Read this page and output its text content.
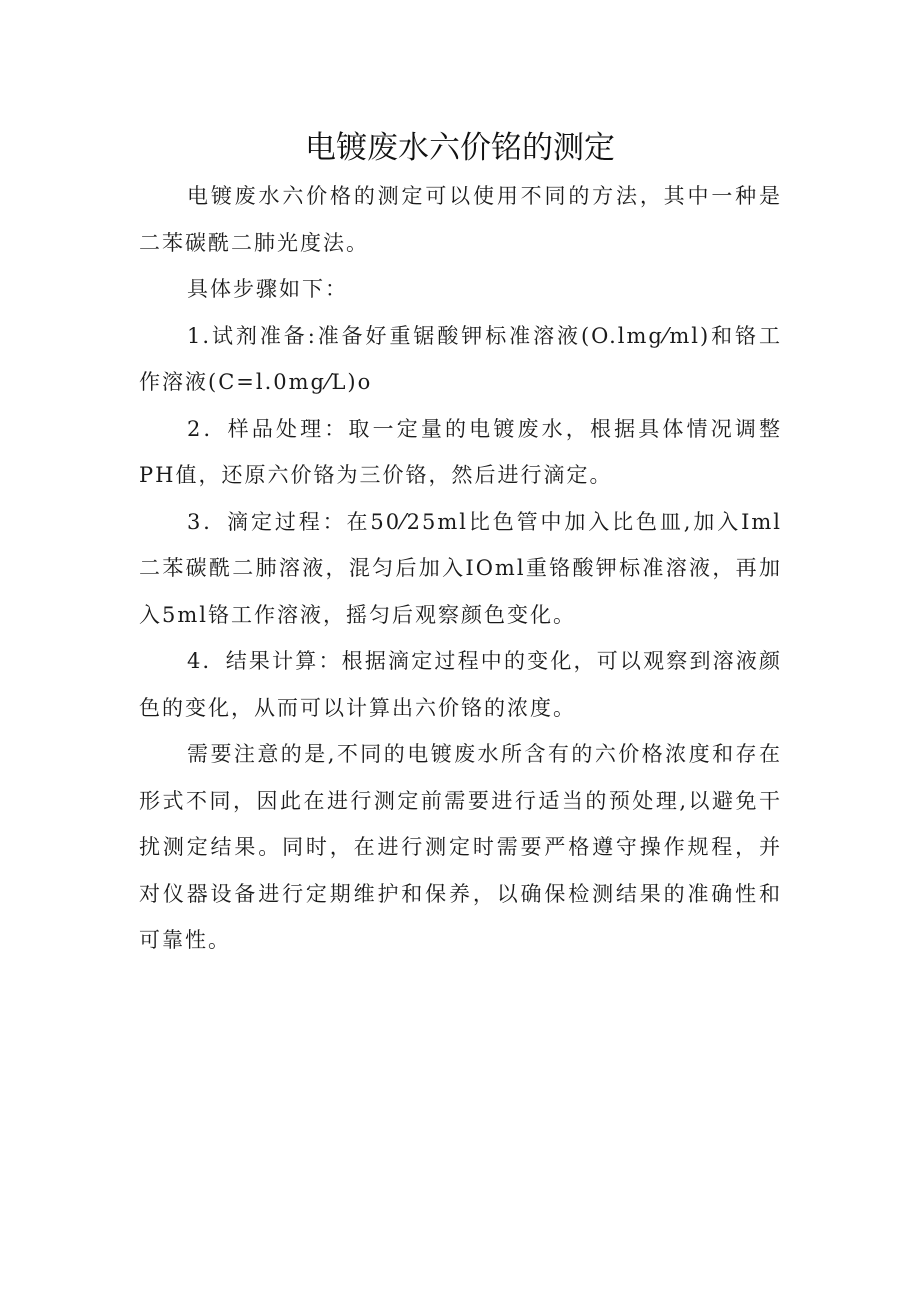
电镀废水六价铭的测定

电镀废水六价格的测定可以使用不同的方法，其中一种是二苯碳酰二肺光度法。

具体步骤如下：

1.试剂准备:准备好重锯酸钾标准溶液(O.lmg⁄ml)和铬工作溶液(C=l.0mg⁄L)o

2．样品处理：取一定量的电镀废水，根据具体情况调整PH值，还原六价铬为三价铬，然后进行滴定。

3．滴定过程：在50⁄25ml比色管中加入比色皿,加入Iml二苯碳酰二肺溶液，混匀后加入IOml重铬酸钾标准溶液，再加入5ml铬工作溶液，摇匀后观察颜色变化。

4．结果计算：根据滴定过程中的变化，可以观察到溶液颜色的变化，从而可以计算出六价铬的浓度。

需要注意的是,不同的电镀废水所含有的六价格浓度和存在形式不同，因此在进行测定前需要进行适当的预处理,以避免干扰测定结果。同时，在进行测定时需要严格遵守操作规程，并对仪器设备进行定期维护和保养，以确保检测结果的准确性和可靠性。
